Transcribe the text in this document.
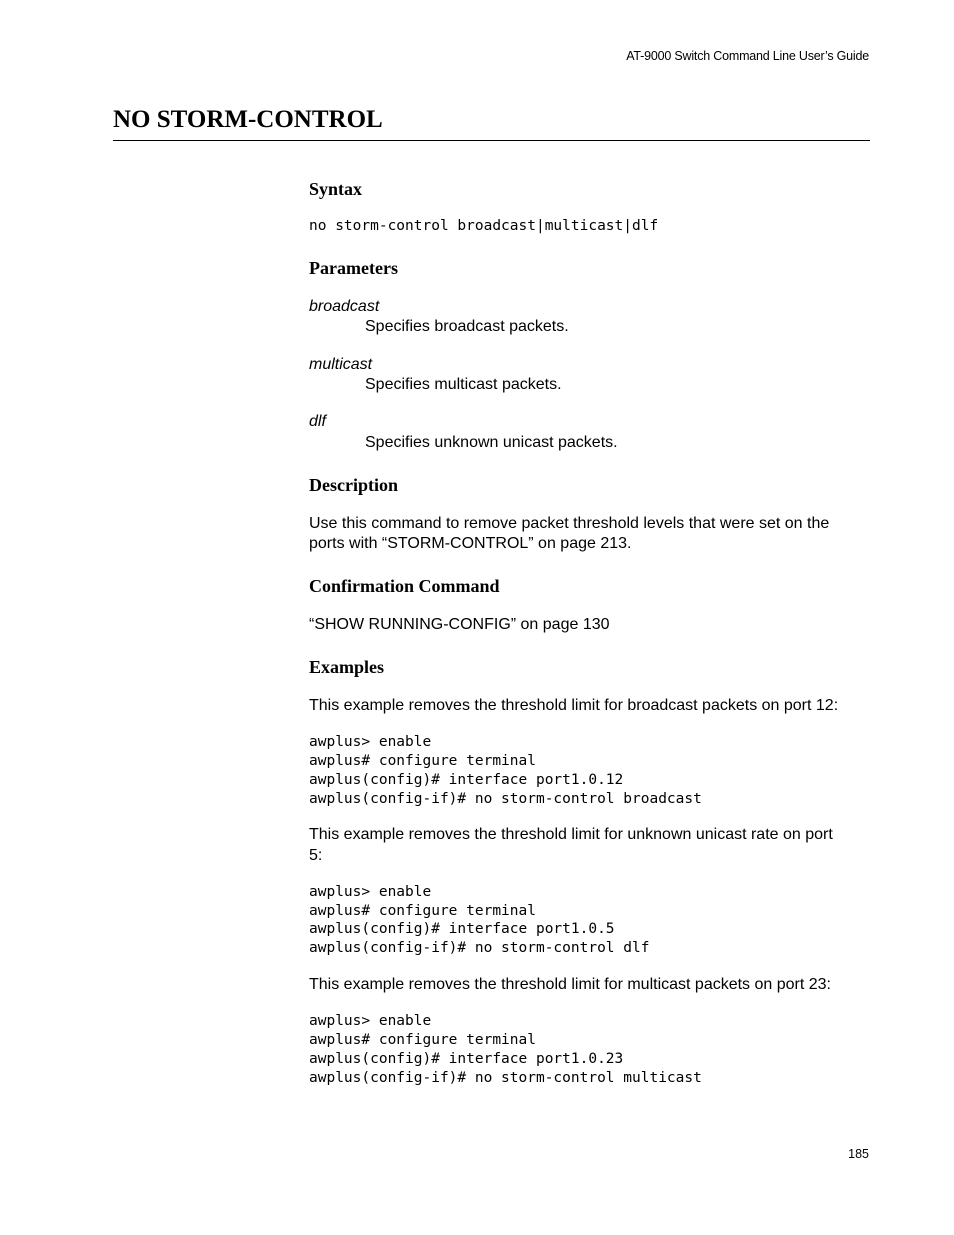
AT-9000 Switch Command Line User’s Guide
NO STORM-CONTROL
Syntax
no storm-control broadcast|multicast|dlf
Parameters
broadcast
Specifies broadcast packets.
multicast
Specifies multicast packets.
dlf
Specifies unknown unicast packets.
Description
Use this command to remove packet threshold levels that were set on the
ports with “STORM-CONTROL” on page 213.
Confirmation Command
“SHOW RUNNING-CONFIG” on page 130
Examples
This example removes the threshold limit for broadcast packets on port 12:
awplus> enable
awplus# configure terminal
awplus(config)# interface port1.0.12
awplus(config-if)# no storm-control broadcast
This example removes the threshold limit for unknown unicast rate on port
5:
awplus> enable
awplus# configure terminal
awplus(config)# interface port1.0.5
awplus(config-if)# no storm-control dlf
This example removes the threshold limit for multicast packets on port 23:
awplus> enable
awplus# configure terminal
awplus(config)# interface port1.0.23
awplus(config-if)# no storm-control multicast
185
